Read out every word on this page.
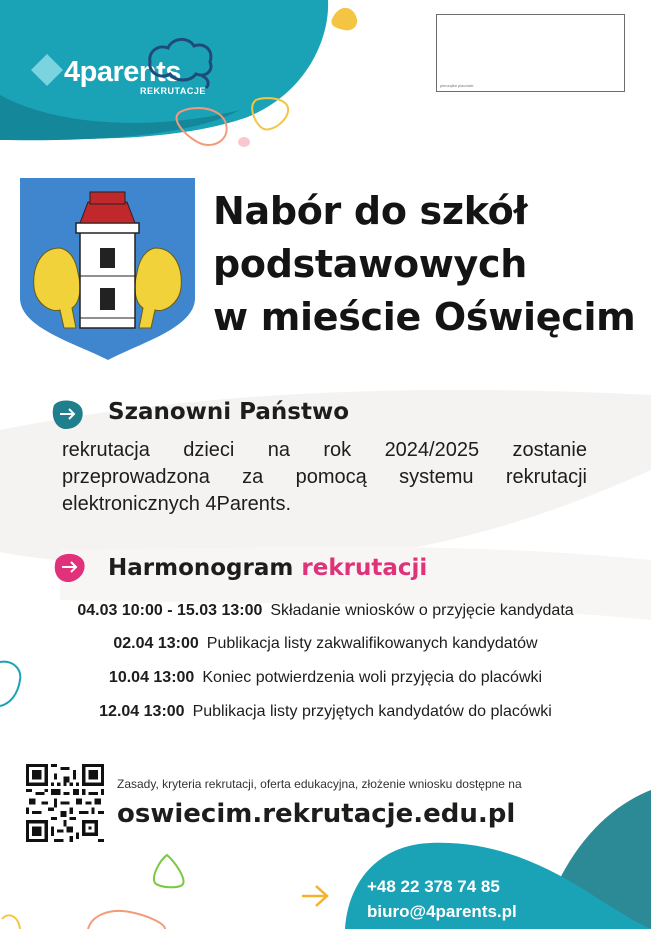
4parents
REKRUTACJE
pieczątka placówki
Nabór do szkół
podstawowych
w mieście Oświęcim
Szanowni Państwo
rekrutacja dzieci na rok 2024/2025 zostanie przeprowadzona za pomocą systemu rekrutacji elektronicznych 4Parents.
Harmonogram rekrutacji
04.03 10:00 - 15.03 13:00 Składanie wniosków o przyjęcie kandydata
02.04 13:00 Publikacja listy zakwalifikowanych kandydatów
10.04 13:00 Koniec potwierdzenia woli przyjęcia do placówki
12.04 13:00 Publikacja listy przyjętych kandydatów do placówki
Zasady, kryteria rekrutacji, oferta edukacyjna, złożenie wniosku dostępne na
oswiecim.rekrutacje.edu.pl
+48 22 378 74 85
biuro@4parents.pl
